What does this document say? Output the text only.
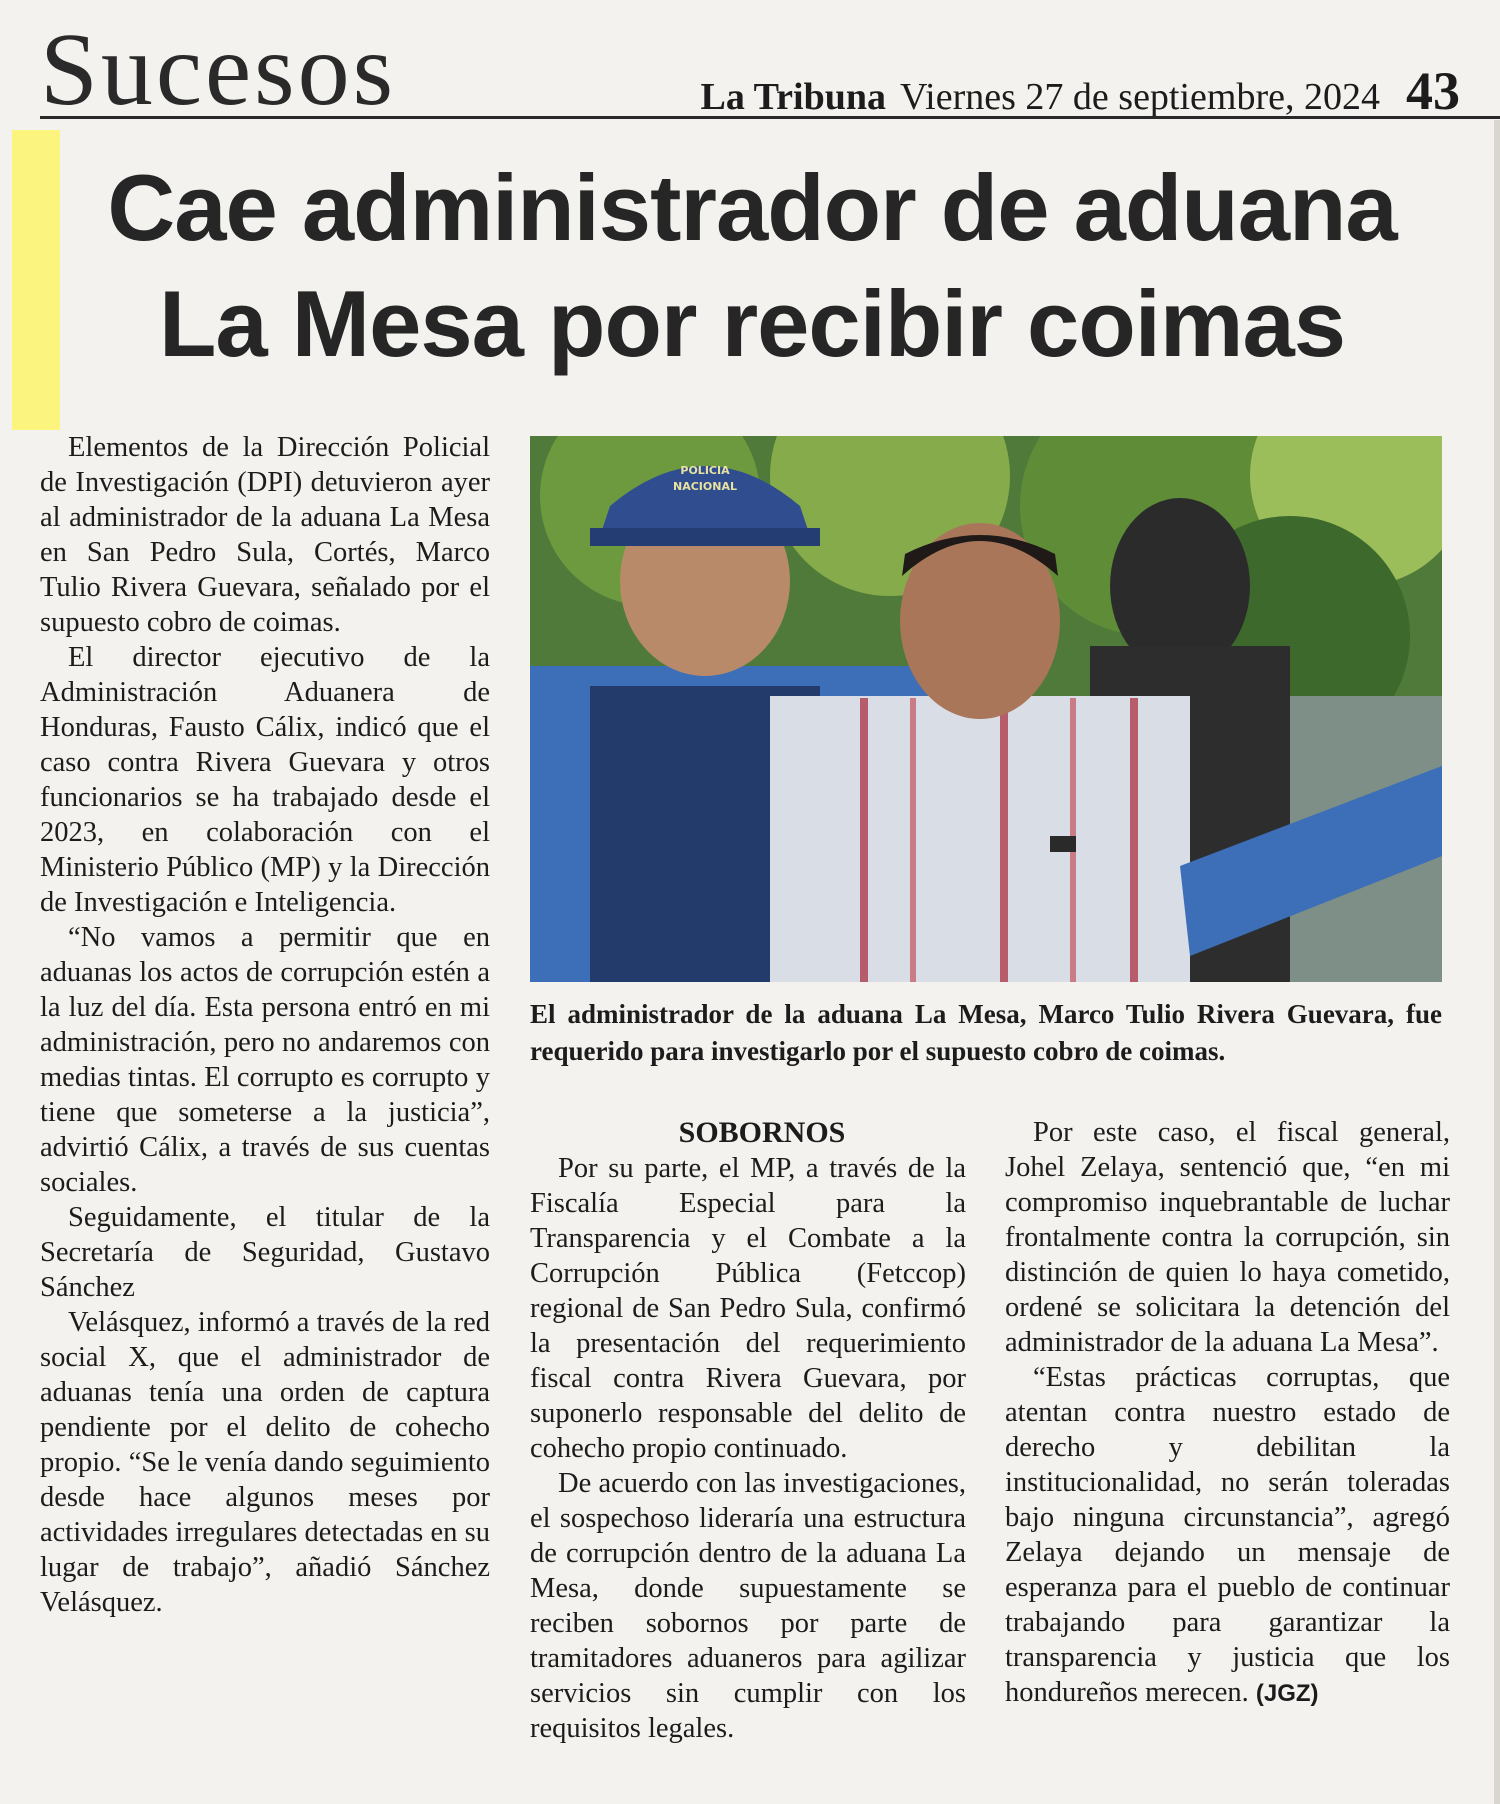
Sucesos	La Tribuna Viernes 27 de septiembre, 2024 43
Cae administrador de aduana La Mesa por recibir coimas

Elementos de la Dirección Policial de Investigación (DPI) detuvieron ayer al administrador de la aduana La Mesa en San Pedro Sula, Cortés, Marco Tulio Rivera Guevara, señalado por el supuesto cobro de coimas.

El director ejecutivo de la Administración Aduanera de Honduras, Fausto Cálix, indicó que el caso contra Rivera Guevara y otros funcionarios se ha trabajado desde el 2023, en colaboración con el Ministerio Público (MP) y la Dirección de Investigación e Inteligencia.

“No vamos a permitir que en aduanas los actos de corrupción estén a la luz del día. Esta persona entró en mi administración, pero no andaremos con medias tintas. El corrupto es corrupto y tiene que someterse a la justicia”, advirtió Cálix, a través de sus cuentas sociales.

Seguidamente, el titular de la Secretaría de Seguridad, Gustavo Sánchez

Velásquez, informó a través de la red social X, que el administrador de aduanas tenía una orden de captura pendiente por el delito de cohecho propio. “Se le venía dando seguimiento desde hace algunos meses por actividades irregulares detectadas en su lugar de trabajo”, añadió Sánchez Velásquez.

POLICIA
NACIONAL

El administrador de la aduana La Mesa, Marco Tulio Rivera Guevara, fue requerido para investigarlo por el supuesto cobro de coimas.

SOBORNOS

Por su parte, el MP, a través de la Fiscalía Especial para la Transparencia y el Combate a la Corrupción Pública (Fetccop) regional de San Pedro Sula, confirmó la presentación del requerimiento fiscal contra Rivera Guevara, por suponerlo responsable del delito de cohecho propio continuado.

De acuerdo con las investigaciones, el sospechoso lideraría una estructura de corrupción dentro de la aduana La Mesa, donde supuestamente se reciben sobornos por parte de tramitadores aduaneros para agilizar servicios sin cumplir con los requisitos legales.

Por este caso, el fiscal general, Johel Zelaya, sentenció que, “en mi compromiso inquebrantable de luchar frontalmente contra la corrupción, sin distinción de quien lo haya cometido, ordené se solicitara la detención del administrador de la aduana La Mesa”.

“Estas prácticas corruptas, que atentan contra nuestro estado de derecho y debilitan la institucionalidad, no serán toleradas bajo ninguna circunstancia”, agregó Zelaya dejando un mensaje de esperanza para el pueblo de continuar trabajando para garantizar la transparencia y justicia que los hondureños merecen. (JGZ)
